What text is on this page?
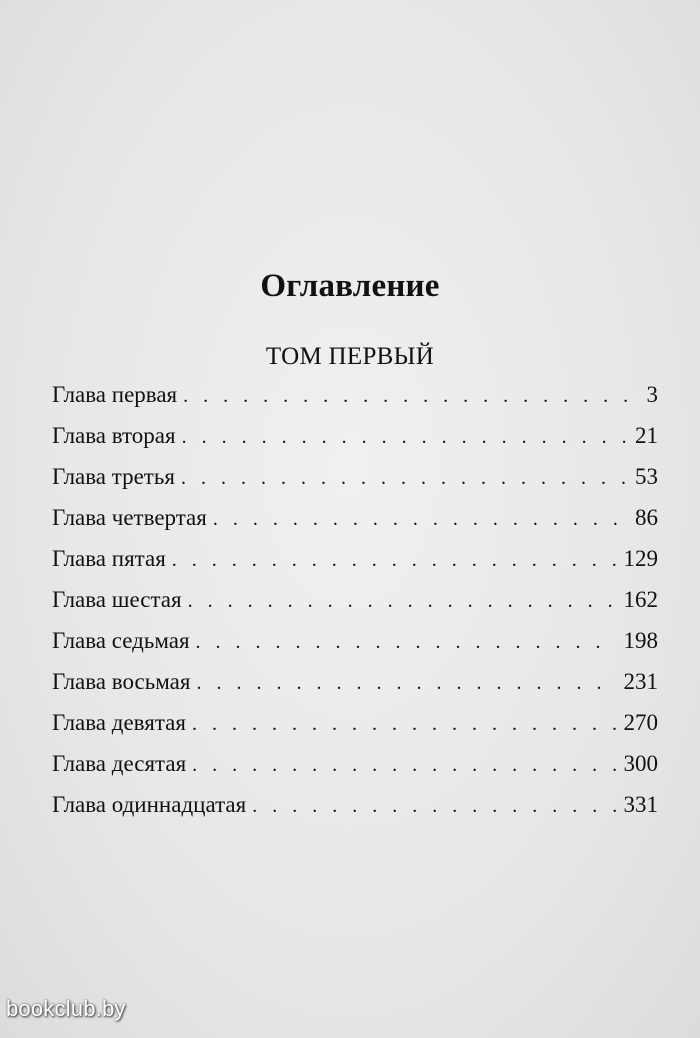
Оглавление
ТОМ ПЕРВЫЙ
Глава первая . . .	3
Глава вторая . . .	21
Глава третья . . .	53
Глава четвертая . . .	86
Глава пятая . . .	129
Глава шестая . . .	162
Глава седьмая . . .	198
Глава восьмая . . .	231
Глава девятая . . .	270
Глава десятая . . .	300
Глава одиннадцатая . . .	331
bookclub.by
